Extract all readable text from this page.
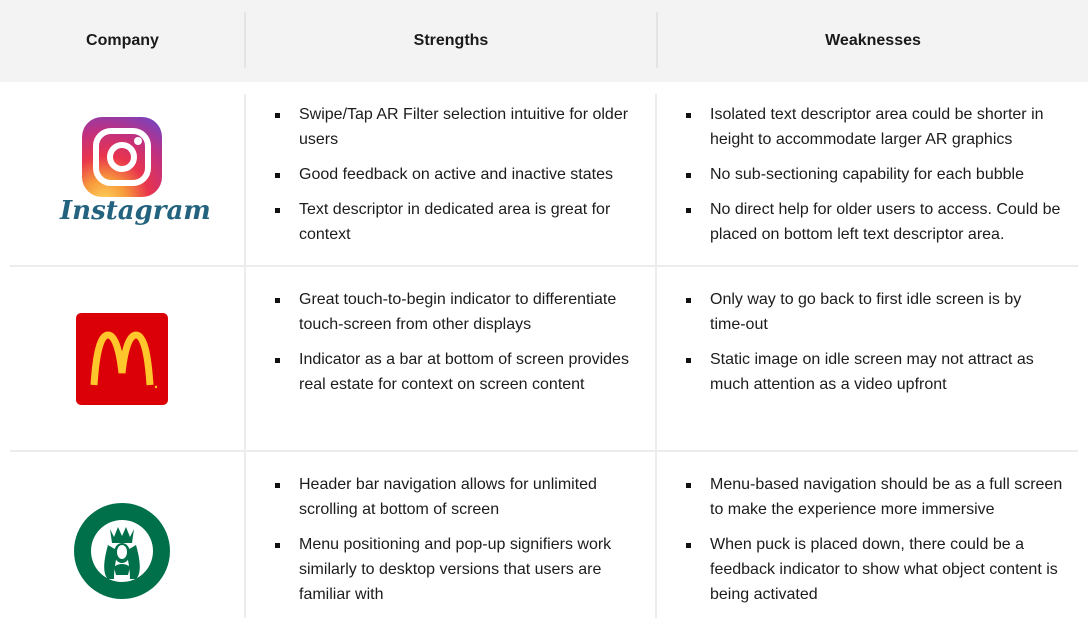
Company	Strengths	Weaknesses
Instagram
Swipe/Tap AR Filter selection intuitive for older users
Good feedback on active and inactive states
Text descriptor in dedicated area is great for context
Isolated text descriptor area could be shorter in height to accommodate larger AR graphics
No sub-sectioning capability for each bubble
No direct help for older users to access. Could be placed on bottom left text descriptor area.
Great touch-to-begin indicator to differentiate touch-screen from other displays
Indicator as a bar at bottom of screen provides real estate for context on screen content
Only way to go back to first idle screen is by time-out
Static image on idle screen may not attract as much attention as a video upfront
Header bar navigation allows for unlimited scrolling at bottom of screen
Menu positioning and pop-up signifiers work similarly to desktop versions that users are familiar with
Menu-based navigation should be as a full screen to make the experience more immersive
When puck is placed down, there could be a feedback indicator to show what object content is being activated
